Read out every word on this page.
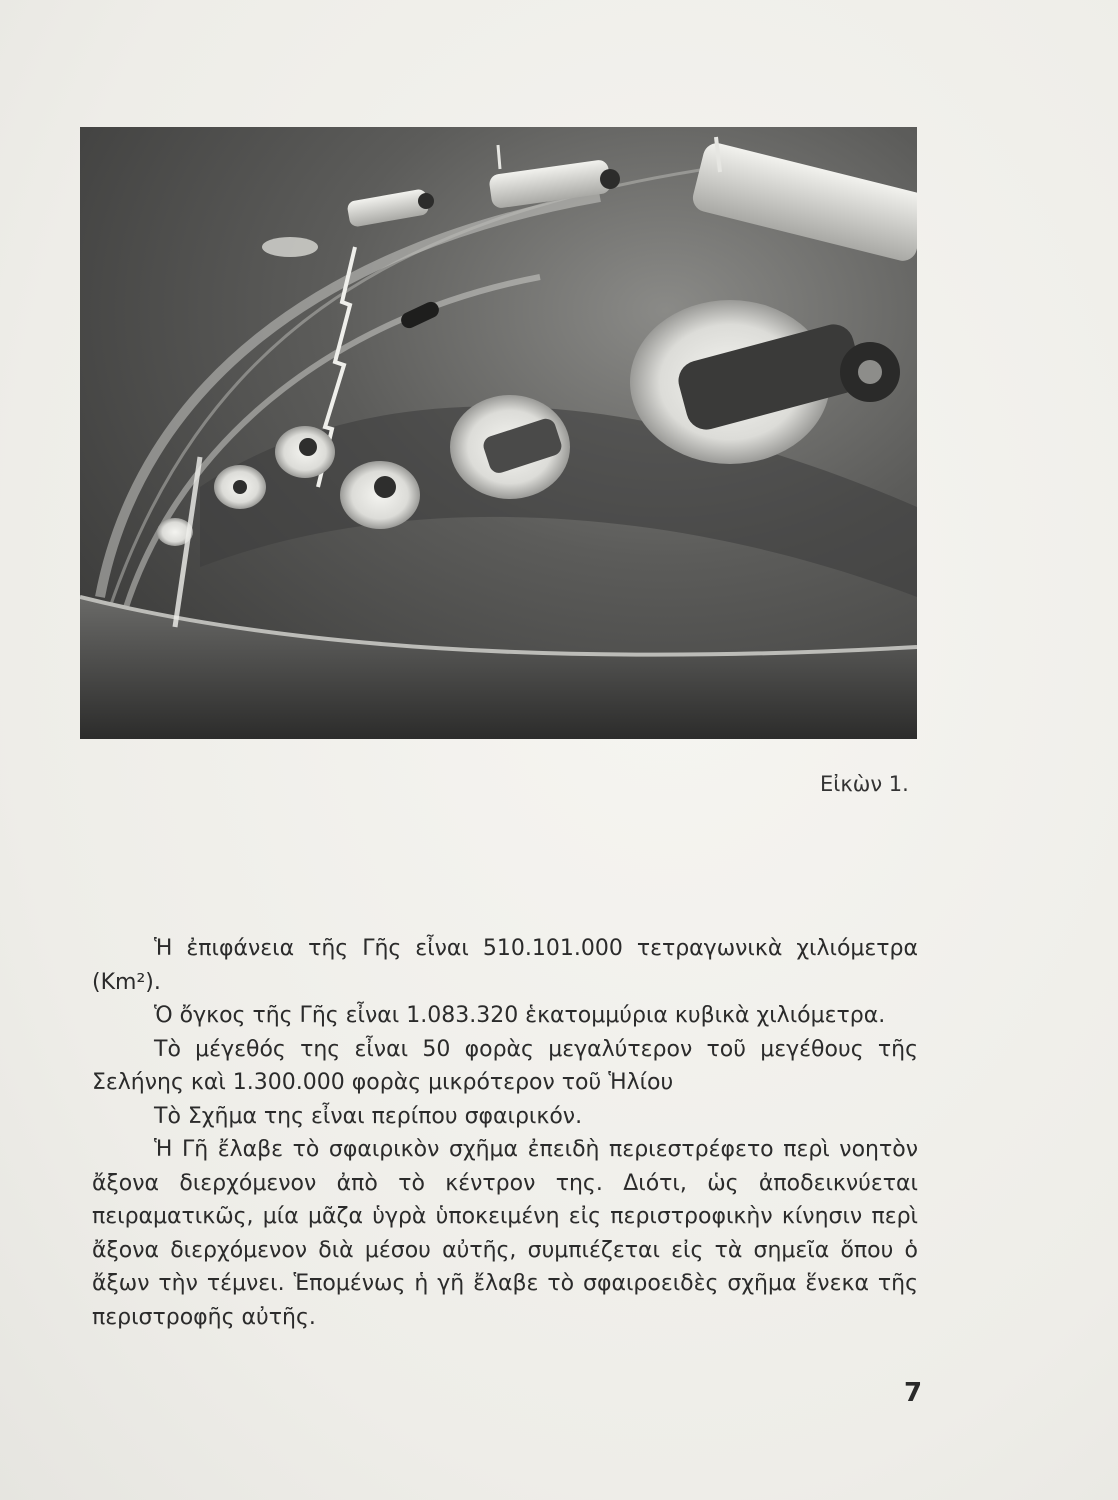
Εἰκὼν 1.

Ἡ ἐπιφάνεια τῆς Γῆς εἶναι 510.101.000 τετραγωνικὰ χιλιόμετρα (Km²).

Ὁ ὄγκος τῆς Γῆς εἶναι 1.083.320 ἑκατομμύρια κυβικὰ χιλιόμετρα.

Τὸ μέγεθός της εἶναι 50 φορὰς μεγαλύτερον τοῦ μεγέθους τῆς Σελήνης καὶ 1.300.000 φορὰς μικρότερον τοῦ Ἡλίου

Τὸ Σχῆμα της εἶναι περίπου σφαιρικόν.

Ἡ Γῆ ἔλαβε τὸ σφαιρικὸν σχῆμα ἐπειδὴ περιεστρέφετο περὶ νοητὸν ἄξονα διερχόμενον ἀπὸ τὸ κέντρον της. Διότι, ὡς ἀποδεικνύεται πειραματικῶς, μία μᾶζα ὑγρὰ ὑποκειμένη εἰς περιστροφικὴν κίνησιν περὶ ἄξονα διερχόμενον διὰ μέσου αὐτῆς, συμπιέζεται εἰς τὰ σημεῖα ὅπου ὁ ἄξων τὴν τέμνει. Ἑπομένως ἡ γῆ ἔλαβε τὸ σφαιροειδὲς σχῆμα ἕνεκα τῆς περιστροφῆς αὐτῆς.

7
